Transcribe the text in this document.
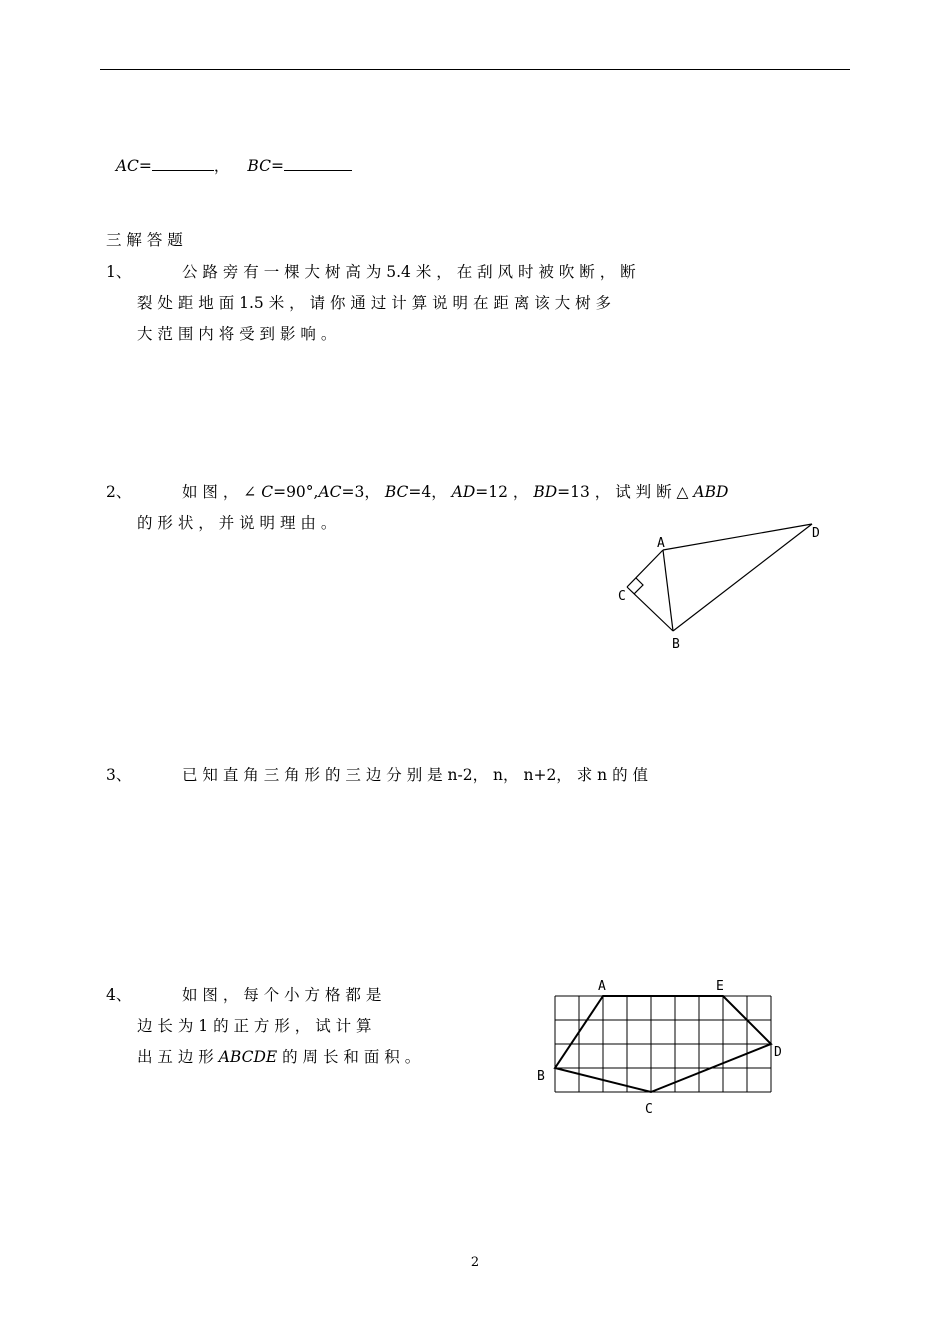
AC=	， BC=

三 解 答 题
1、	公 路 旁 有 一 棵 大 树 高 为 5.4 米 ， 在 刮 风 时 被 吹 断 ， 断
裂 处 距 地 面 1.5 米 ， 请 你 通 过 计 算 说 明 在 距 离 该 大 树 多
大 范 围 内 将 受 到 影 响 。
2、	如 图 ， ∠ C=90°,AC=3， BC=4， AD=12 ， BD=13 ， 试 判 断 △ ABD
的 形 状 ， 并 说 明 理 由 。
A
D
C
B
3、	已 知 直 角 三 角 形 的 三 边 分 别 是 n-2， n， n+2， 求 n 的 值
4、	如 图 ， 每 个 小 方 格 都 是
边 长 为 1 的 正 方 形 ， 试 计 算
出 五 边 形 ABCDE 的 周 长 和 面 积 。
A	E
D
B
C
2
